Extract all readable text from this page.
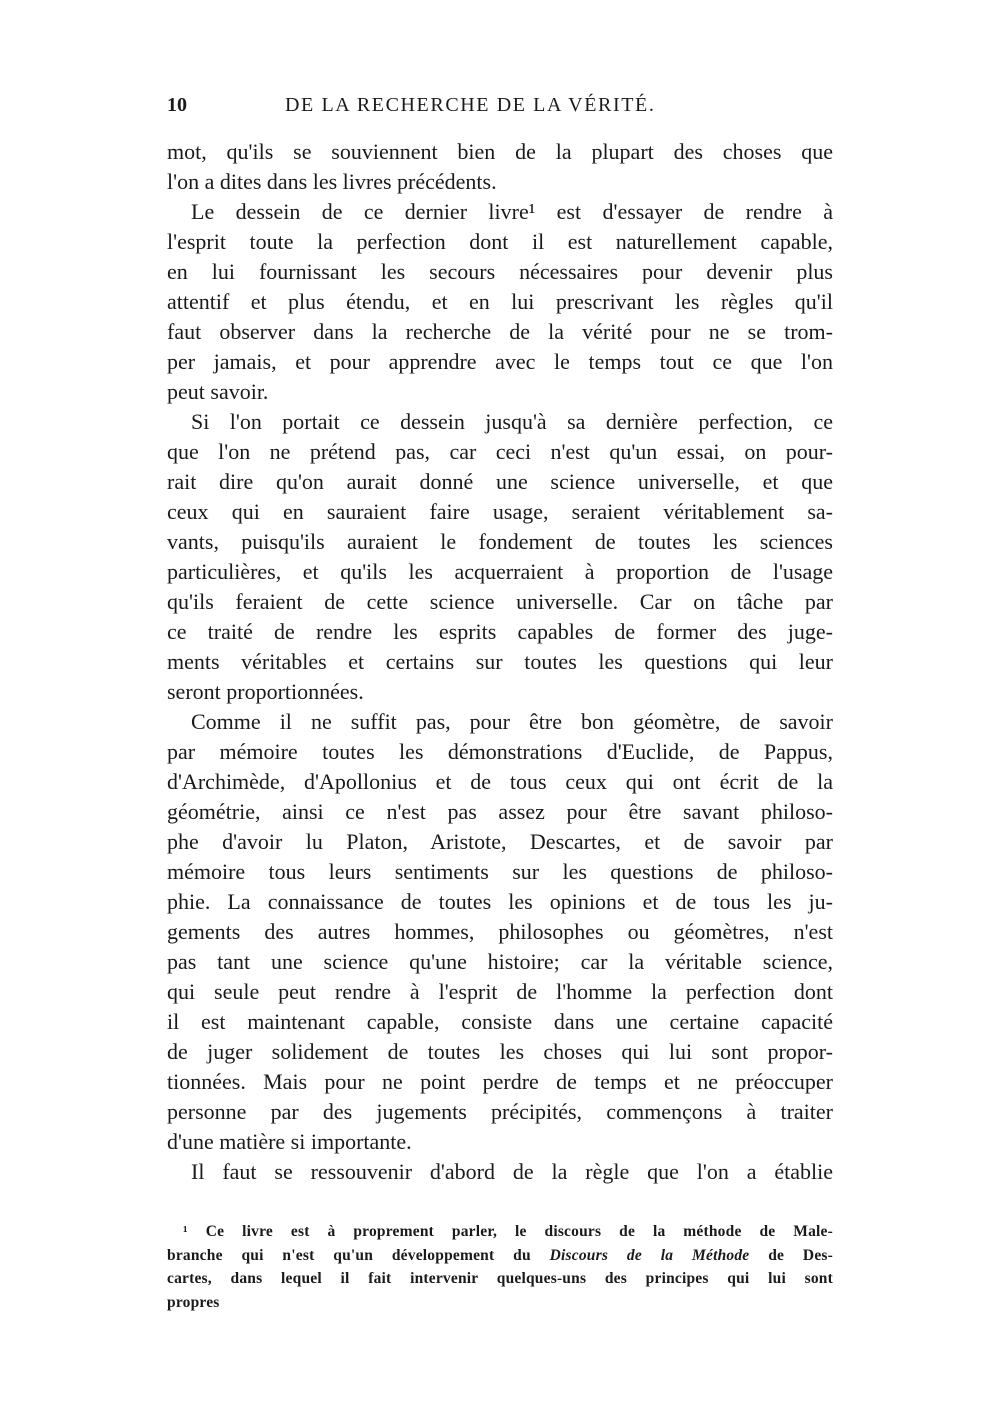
10	DE LA RECHERCHE DE LA VÉRITÉ.
mot, qu'ils se souviennent bien de la plupart des choses que
l'on a dites dans les livres précédents.
Le dessein de ce dernier livre¹ est d'essayer de rendre à
l'esprit toute la perfection dont il est naturellement capable,
en lui fournissant les secours nécessaires pour devenir plus
attentif et plus étendu, et en lui prescrivant les règles qu'il
faut observer dans la recherche de la vérité pour ne se trom-
per jamais, et pour apprendre avec le temps tout ce que l'on
peut savoir.
Si l'on portait ce dessein jusqu'à sa dernière perfection, ce
que l'on ne prétend pas, car ceci n'est qu'un essai, on pour-
rait dire qu'on aurait donné une science universelle, et que
ceux qui en sauraient faire usage, seraient véritablement sa-
vants, puisqu'ils auraient le fondement de toutes les sciences
particulières, et qu'ils les acquerraient à proportion de l'usage
qu'ils feraient de cette science universelle. Car on tâche par
ce traité de rendre les esprits capables de former des juge-
ments véritables et certains sur toutes les questions qui leur
seront proportionnées.
Comme il ne suffit pas, pour être bon géomètre, de savoir
par mémoire toutes les démonstrations d'Euclide, de Pappus,
d'Archimède, d'Apollonius et de tous ceux qui ont écrit de la
géométrie, ainsi ce n'est pas assez pour être savant philoso-
phe d'avoir lu Platon, Aristote, Descartes, et de savoir par
mémoire tous leurs sentiments sur les questions de philoso-
phie. La connaissance de toutes les opinions et de tous les ju-
gements des autres hommes, philosophes ou géomètres, n'est
pas tant une science qu'une histoire; car la véritable science,
qui seule peut rendre à l'esprit de l'homme la perfection dont
il est maintenant capable, consiste dans une certaine capacité
de juger solidement de toutes les choses qui lui sont propor-
tionnées. Mais pour ne point perdre de temps et ne préoccuper
personne par des jugements précipités, commençons à traiter
d'une matière si importante.
Il faut se ressouvenir d'abord de la règle que l'on a établie
¹ Ce livre est à proprement parler, le discours de la méthode de Male-
branche qui n'est qu'un développement du Discours de la Méthode de Des-
cartes, dans lequel il fait intervenir quelques-uns des principes qui lui sont
propres
